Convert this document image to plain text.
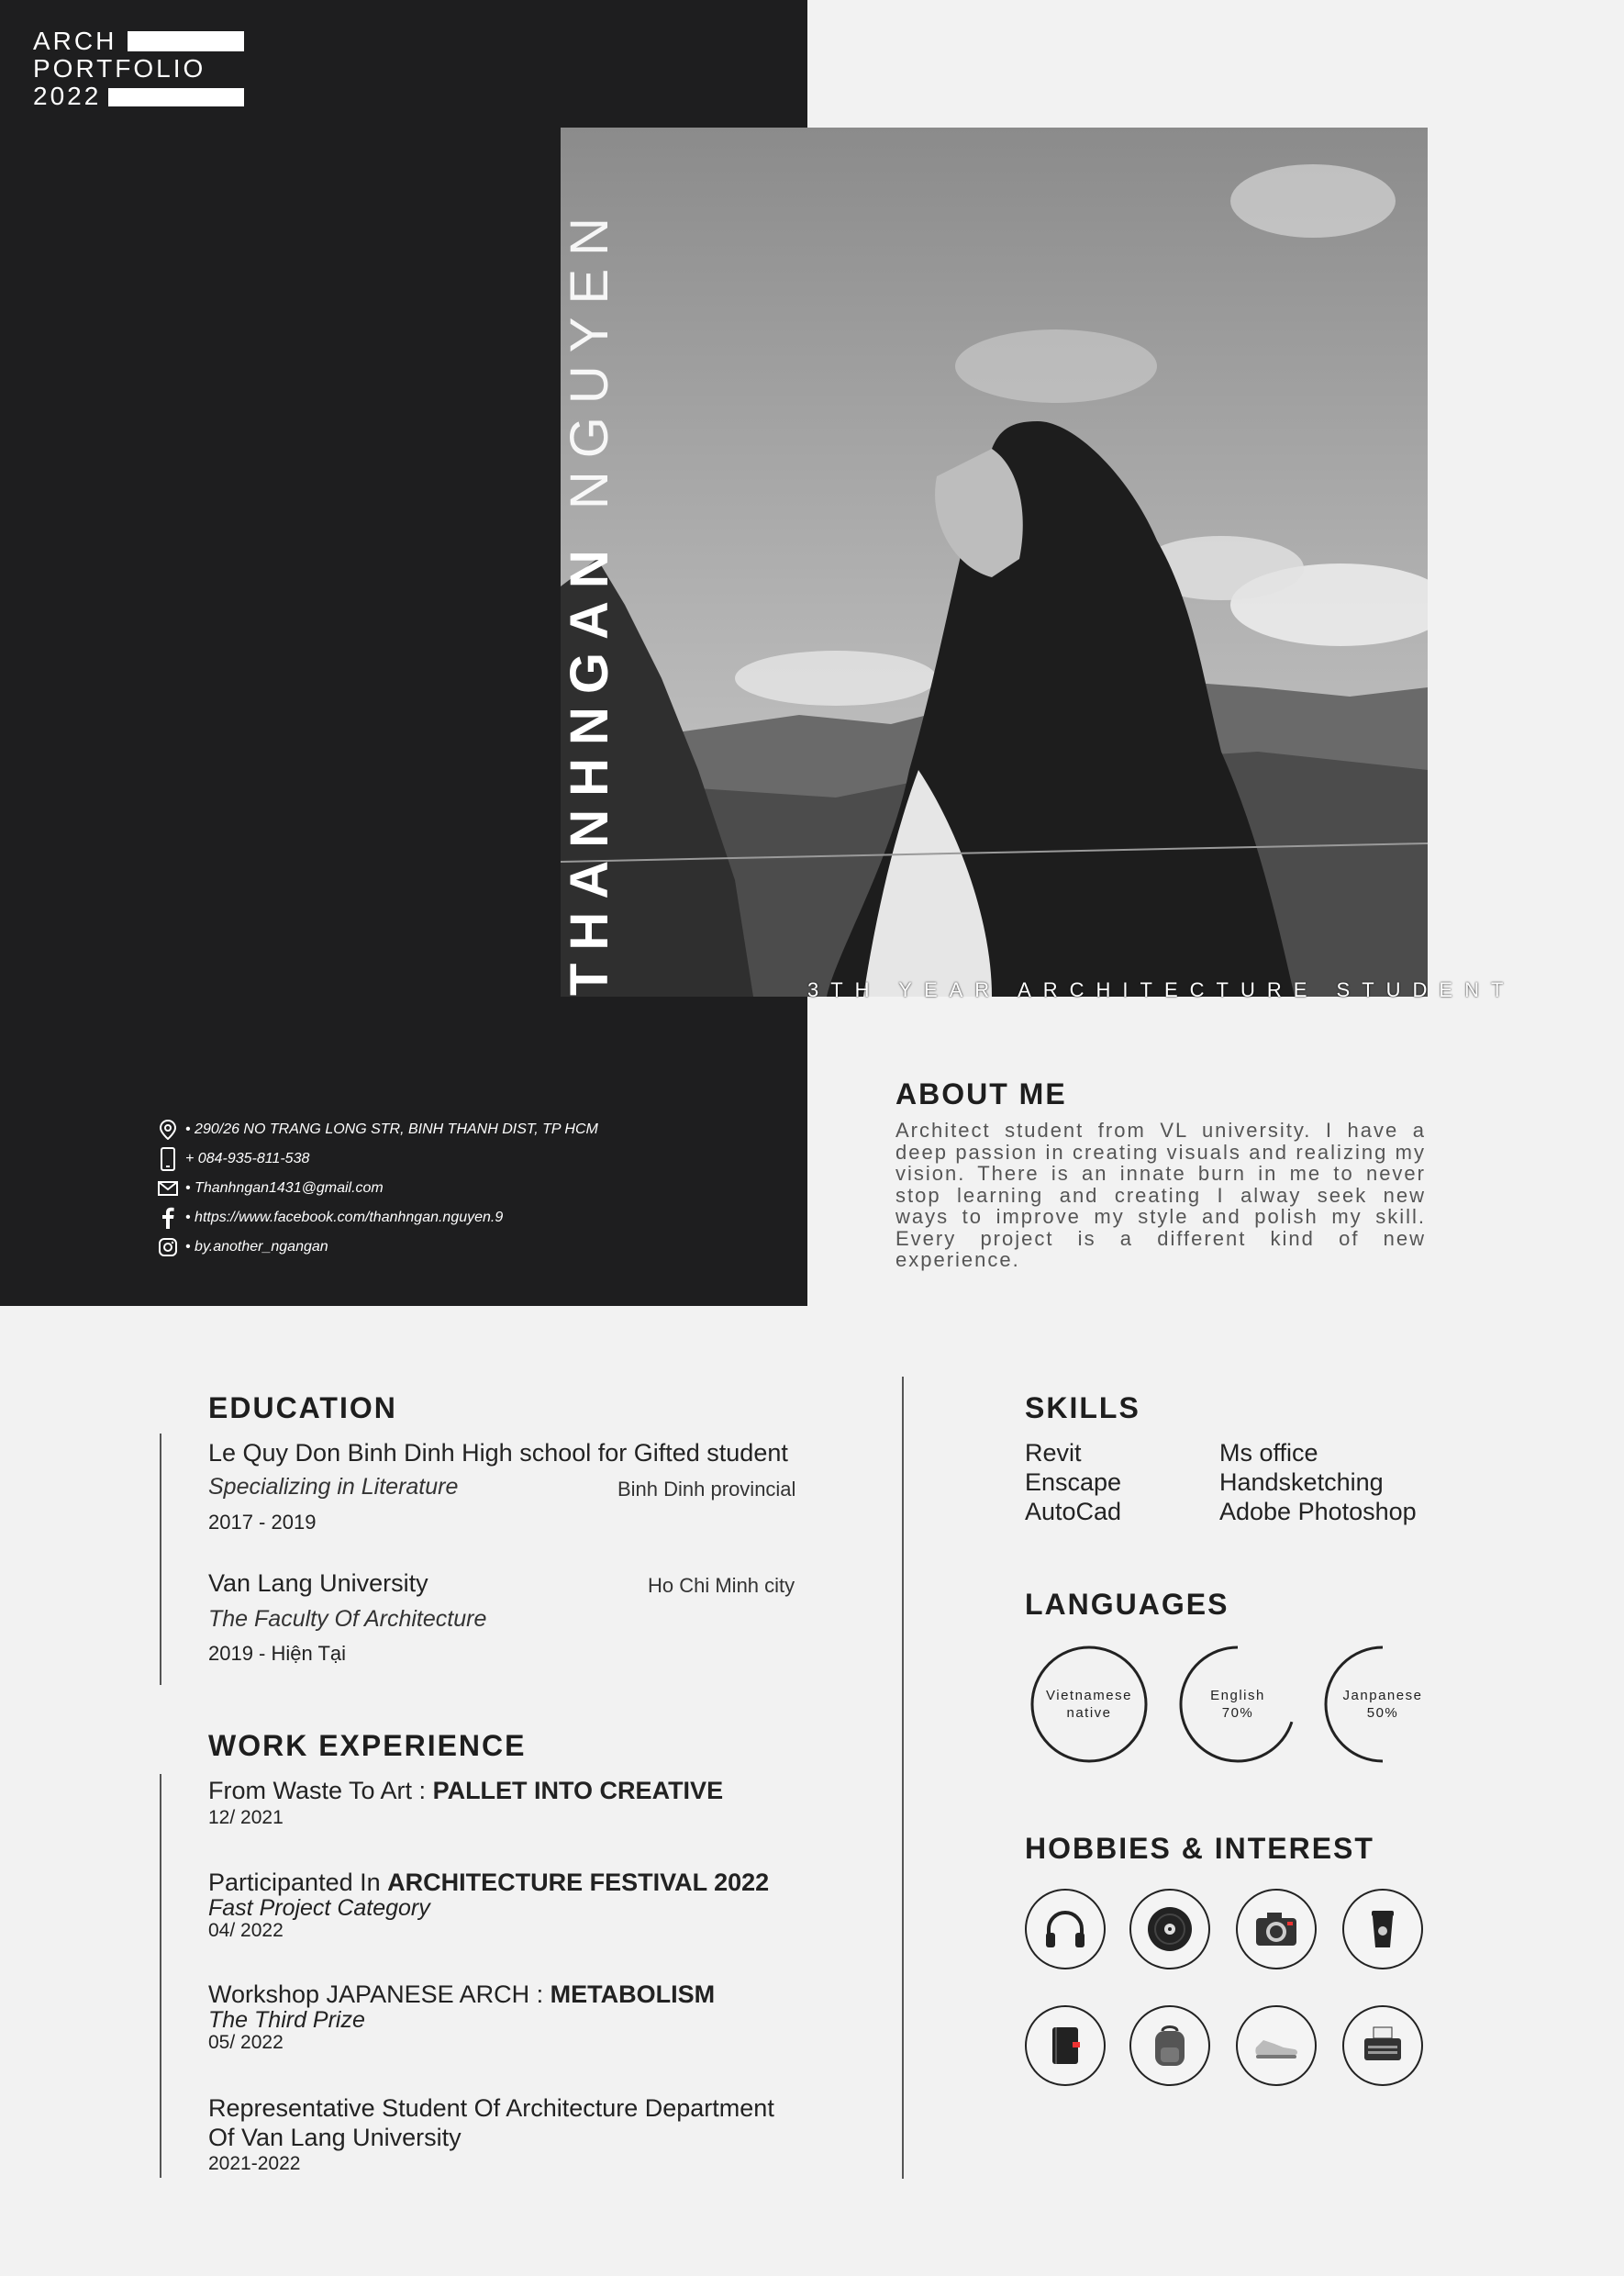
ARCH
PORTFOLIO
2022
3TH YEAR ARCHITECTURE STUDENT
THANHNGAN NGUYEN
• 290/26 NO TRANG LONG STR, BINH THANH DIST, TP HCM
+ 084-935-811-538
• Thanhngan1431@gmail.com
• https://www.facebook.com/thanhngan.nguyen.9
• by.another_ngangan
ABOUT ME
Architect student from VL university. I have a deep passion in creating visuals and realizing my vision. There is an innate burn in me to never stop learning and creating I alway seek new ways to improve my style and polish my skill. Every project is a different kind of new experience.
EDUCATION
Le Quy Don Binh Dinh High school for Gifted student
Specializing in Literature	Binh Dinh provincial
2017 - 2019
Van Lang University	Ho Chi Minh city
The Faculty Of Architecture
2019 - Hiện Tại
WORK EXPERIENCE
From Waste To Art : PALLET INTO CREATIVE
12/ 2021
Participanted In ARCHITECTURE FESTIVAL 2022
Fast Project Category
04/ 2022
Workshop JAPANESE ARCH : METABOLISM
The Third Prize
05/ 2022
Representative Student Of Architecture Department
Of Van Lang University
2021-2022
SKILLS
Revit
Enscape
AutoCad
Ms office
Handsketching
Adobe Photoshop
LANGUAGES
Vietnamese
native
English
70%
Janpanese
50%
HOBBIES & INTEREST
